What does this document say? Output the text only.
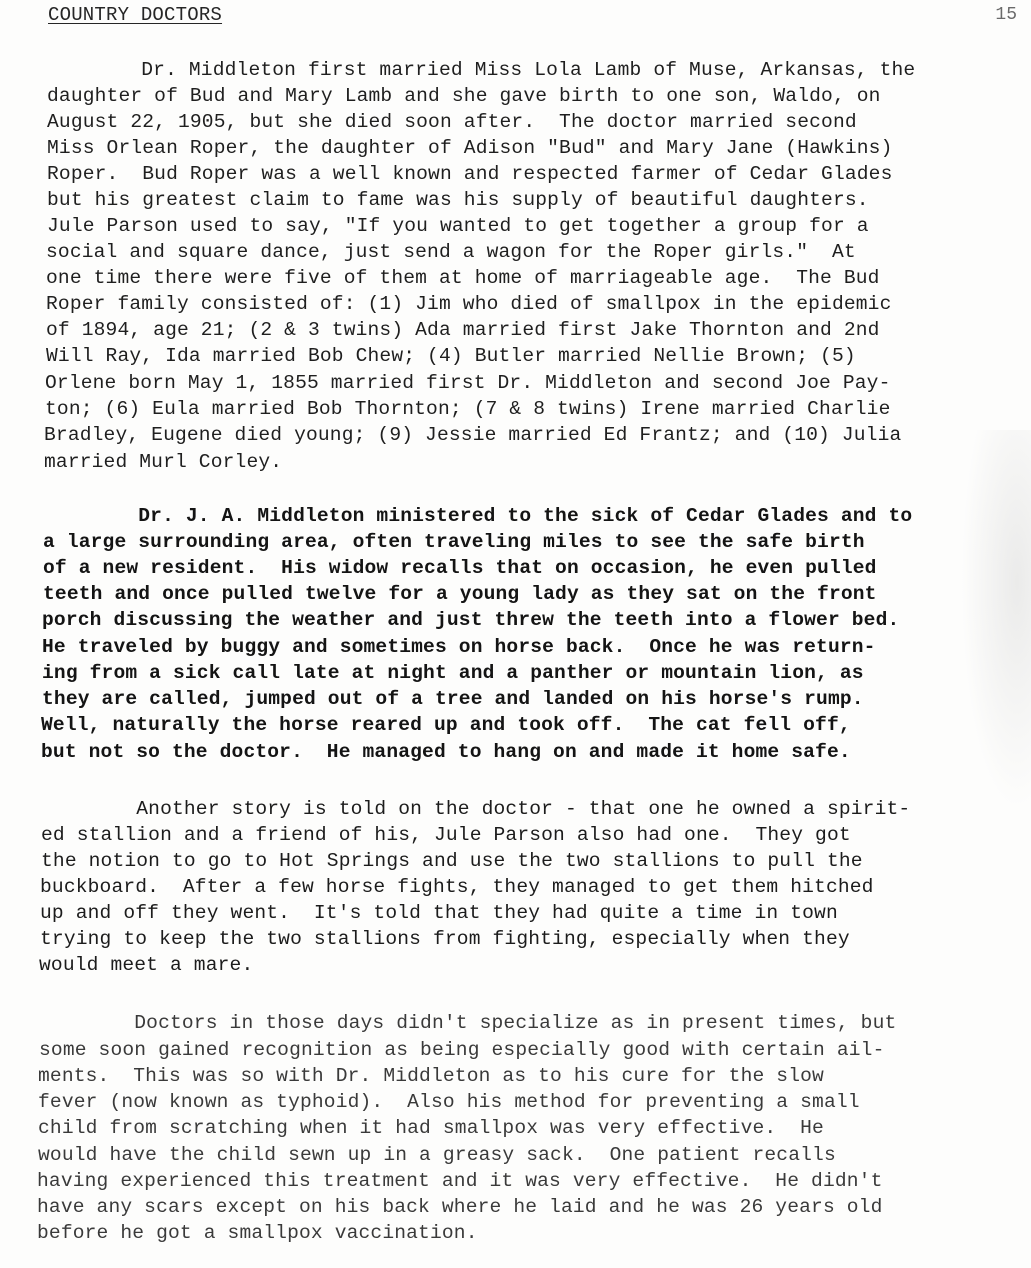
COUNTRY DOCTORS	15
Dr. Middleton first married Miss Lola Lamb of Muse, Arkansas, the
daughter of Bud and Mary Lamb and she gave birth to one son, Waldo, on
August 22, 1905, but she died soon after.  The doctor married second
Miss Orlean Roper, the daughter of Adison "Bud" and Mary Jane (Hawkins)
Roper.  Bud Roper was a well known and respected farmer of Cedar Glades
but his greatest claim to fame was his supply of beautiful daughters.
Jule Parson used to say, "If you wanted to get together a group for a
social and square dance, just send a wagon for the Roper girls."  At
one time there were five of them at home of marriageable age.  The Bud
Roper family consisted of: (1) Jim who died of smallpox in the epidemic
of 1894, age 21; (2 & 3 twins) Ada married first Jake Thornton and 2nd
Will Ray, Ida married Bob Chew; (4) Butler married Nellie Brown; (5)
Orlene born May 1, 1855 married first Dr. Middleton and second Joe Pay-
ton; (6) Eula married Bob Thornton; (7 & 8 twins) Irene married Charlie
Bradley, Eugene died young; (9) Jessie married Ed Frantz; and (10) Julia
married Murl Corley.
Dr. J. A. Middleton ministered to the sick of Cedar Glades and to
a large surrounding area, often traveling miles to see the safe birth
of a new resident.  His widow recalls that on occasion, he even pulled
teeth and once pulled twelve for a young lady as they sat on the front
porch discussing the weather and just threw the teeth into a flower bed.
He traveled by buggy and sometimes on horse back.  Once he was return-
ing from a sick call late at night and a panther or mountain lion, as
they are called, jumped out of a tree and landed on his horse's rump.
Well, naturally the horse reared up and took off.  The cat fell off,
but not so the doctor.  He managed to hang on and made it home safe.
Another story is told on the doctor - that one he owned a spirit-
ed stallion and a friend of his, Jule Parson also had one.  They got
the notion to go to Hot Springs and use the two stallions to pull the
buckboard.  After a few horse fights, they managed to get them hitched
up and off they went.  It's told that they had quite a time in town
trying to keep the two stallions from fighting, especially when they
would meet a mare.
Doctors in those days didn't specialize as in present times, but
some soon gained recognition as being especially good with certain ail-
ments.  This was so with Dr. Middleton as to his cure for the slow
fever (now known as typhoid).  Also his method for preventing a small
child from scratching when it had smallpox was very effective.  He
would have the child sewn up in a greasy sack.  One patient recalls
having experienced this treatment and it was very effective.  He didn't
have any scars except on his back where he laid and he was 26 years old
before he got a smallpox vaccination.
